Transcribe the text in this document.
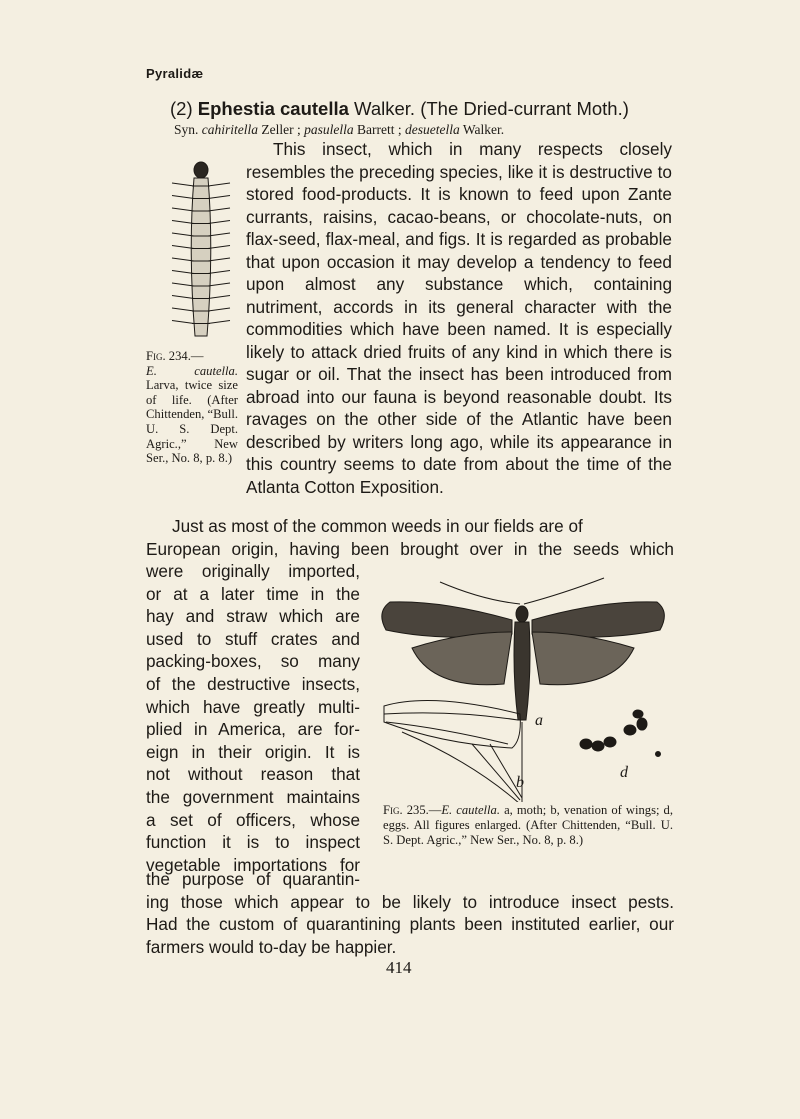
Pyralidæ
(2) Ephestia cautella Walker. (The Dried-currant Moth.)
Syn. cahiritella Zeller ; pasulella Barrett ; desuetella Walker.
Fig. 234.—
E. cautella. Larva, twice size of life. (After Chittenden, “Bull. U. S. Dept. Agric.,” New Ser., No. 8, p. 8.)

This insect, which in many respects closely resembles the preceding species, like it is destructive to stored food-products. It is known to feed upon Zante currants, raisins, cacao-beans, or chocolate-nuts, on flax-seed, flax-meal, and figs. It is regarded as probable that upon occasion it may develop a tendency to feed upon almost any substance which, containing nutriment, accords in its general character with the commodities which have been named. It is especially likely to attack dried fruits of any kind in which there is sugar or oil. That the insect has been introduced from abroad into our fauna is beyond reasonable doubt. Its ravages on the other side of the Atlantic have been described by writers long ago, while its appearance in this country seems to date from about the time of the Atlanta Cotton Exposition.

Just as most of the common weeds in our fields are of
European origin, having been brought over in the seeds which
were originally imported,
or at a later time in the
hay and straw which are
used to stuff crates and
packing-boxes, so many
of the destructive insects,
which have greatly multi-
plied in America, are for-
eign in their origin. It is
not without reason that
the government maintains
a set of officers, whose
function it is to inspect
vegetable importations for
a
b
d
Fig. 235.—E. cautella. a, moth; b, venation of wings; d, eggs. All figures enlarged. (After Chittenden, “Bull. U. S. Dept. Agric.,” New Ser., No. 8, p. 8.)
the purpose of quarantin-
ing those which appear to be likely to introduce insect pests.
Had the custom of quarantining plants been instituted earlier, our
farmers would to-day be happier.
414
